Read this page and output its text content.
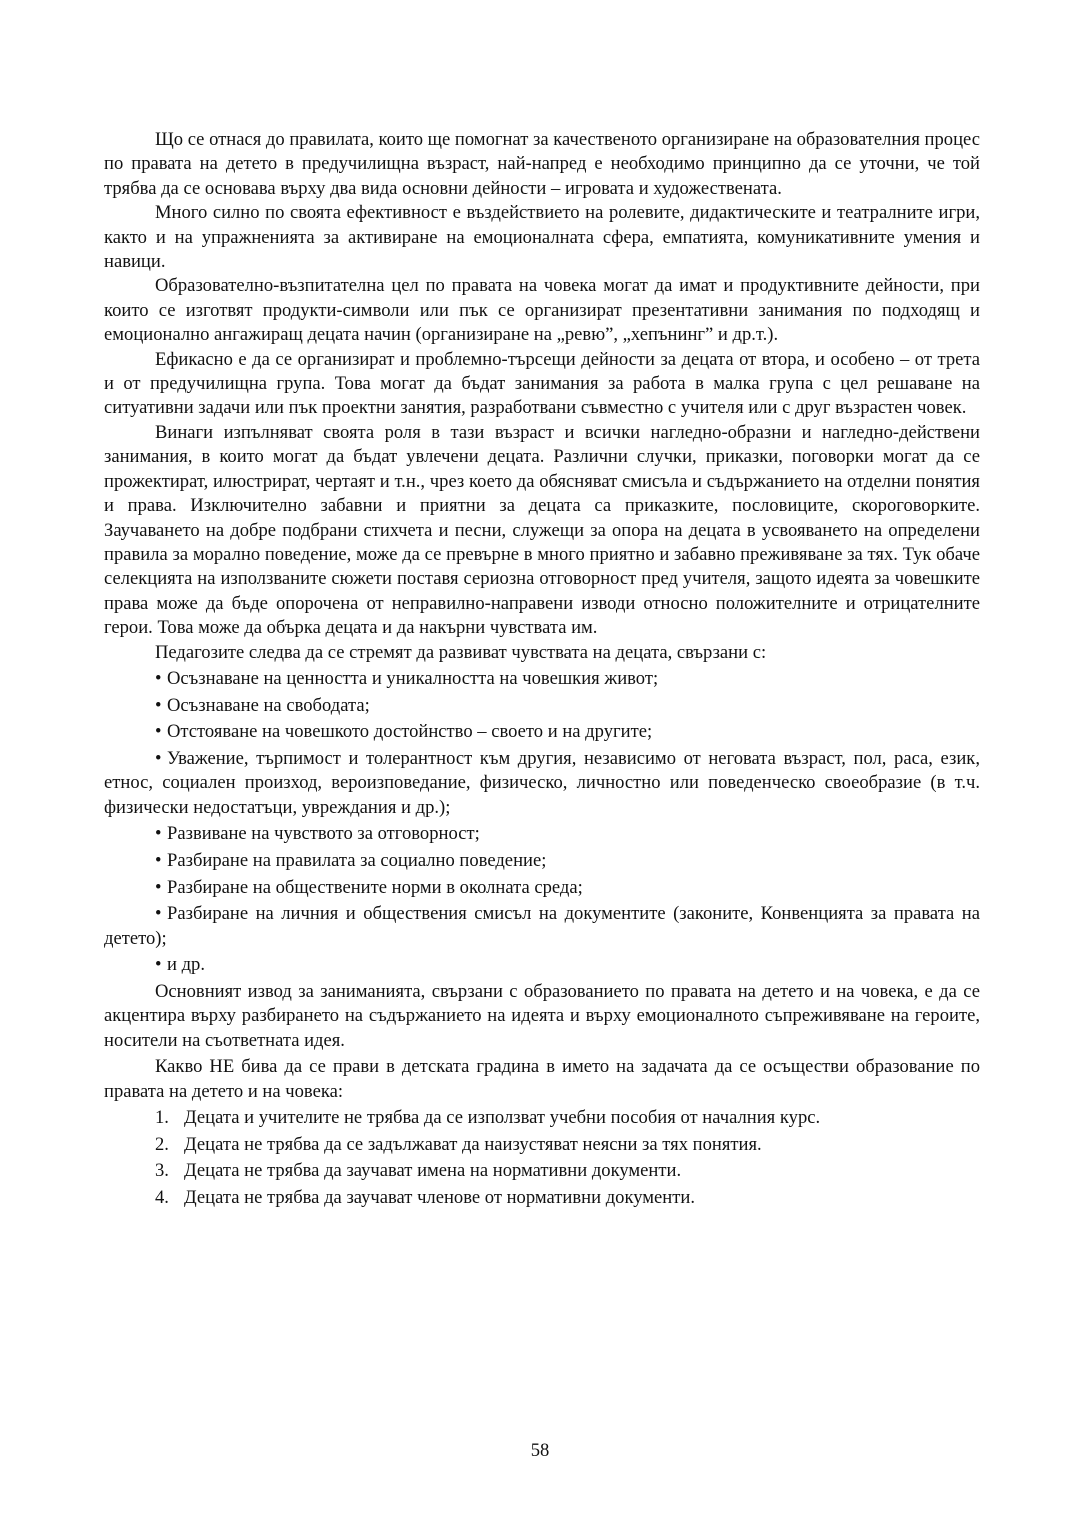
Що се отнася до правилата, които ще помогнат за качественото организиране на образователния процес по правата на детето в предучилищна възраст, най-напред е необходимо принципно да се уточни, че той трябва да се основава върху два вида основни дейности – игровата и художествената.

Много силно по своята ефективност е въздействието на ролевите, дидактическите и театралните игри, както и на упражненията за активиране на емоционалната сфера, емпатията, комуникативните умения и навици.

Образователно-възпитателна цел по правата на човека могат да имат и продуктивните дейности, при които се изготвят продукти-символи или пък се организират презентативни занимания по подходящ и емоционално ангажиращ децата начин (организиране на „ревю”, „хепънинг” и др.т.).

Ефикасно е да се организират и проблемно-търсещи дейности за децата от втора, и особено – от трета и от предучилищна група. Това могат да бъдат занимания за работа в малка група с цел решаване на ситуативни задачи или пък проектни занятия, разработвани съвместно с учителя или с друг възрастен човек.

Винаги изпълняват своята роля в тази възраст и всички нагледно-образни и нагледно-действени занимания, в които могат да бъдат увлечени децата. Различни случки, приказки, поговорки могат да се прожектират, илюстрират, чертаят и т.н., чрез което да обясняват смисъла и съдържанието на отделни понятия и права. Изключително забавни и приятни за децата са приказките, пословиците, скороговорките. Заучаването на добре подбрани стихчета и песни, служещи за опора на децата в усвояването на определени правила за морално поведение, може да се превърне в много приятно и забавно преживяване за тях. Тук обаче селекцията на използваните сюжети поставя сериозна отговорност пред учителя, защото идеята за човешките права може да бъде опорочена от неправилно-направени изводи относно положителните и отрицателните герои. Това може да обърка децата и да накърни чувствата им.

Педагозите следва да се стремят да развиват чувствата на децата, свързани с:

• Осъзнаване на ценността и уникалността на човешкия живот;
• Осъзнаване на свободата;
• Отстояване на човешкото достойнство – своето и на другите;
• Уважение, търпимост и толерантност към другия, независимо от неговата възраст, пол, раса, език, етнос, социален произход, вероизповедание, физическо, личностно или поведенческо своеобразие (в т.ч. физически недостатъци, увреждания и др.);
• Развиване на чувството за отговорност;
• Разбиране на правилата за социално поведение;
• Разбиране на обществените норми в околната среда;
• Разбиране на личния и обществения смисъл на документите (законите, Конвенцията за правата на детето);
• и др.

Основният извод за заниманията, свързани с образованието по правата на детето и на човека, е да се акцентира върху разбирането на съдържанието на идеята и върху емоционалното съпреживяване на героите, носители на съответната идея.

Какво НЕ бива да се прави в детската градина в името на задачата да се осъществи образование по правата на детето и на човека:

1. Децата и учителите не трябва да се използват учебни пособия от началния курс.
2. Децата не трябва да се задължават да наизустяват неясни за тях понятия.
3. Децата не трябва да заучават имена на нормативни документи.
4. Децата не трябва да заучават членове от нормативни документи.
58
